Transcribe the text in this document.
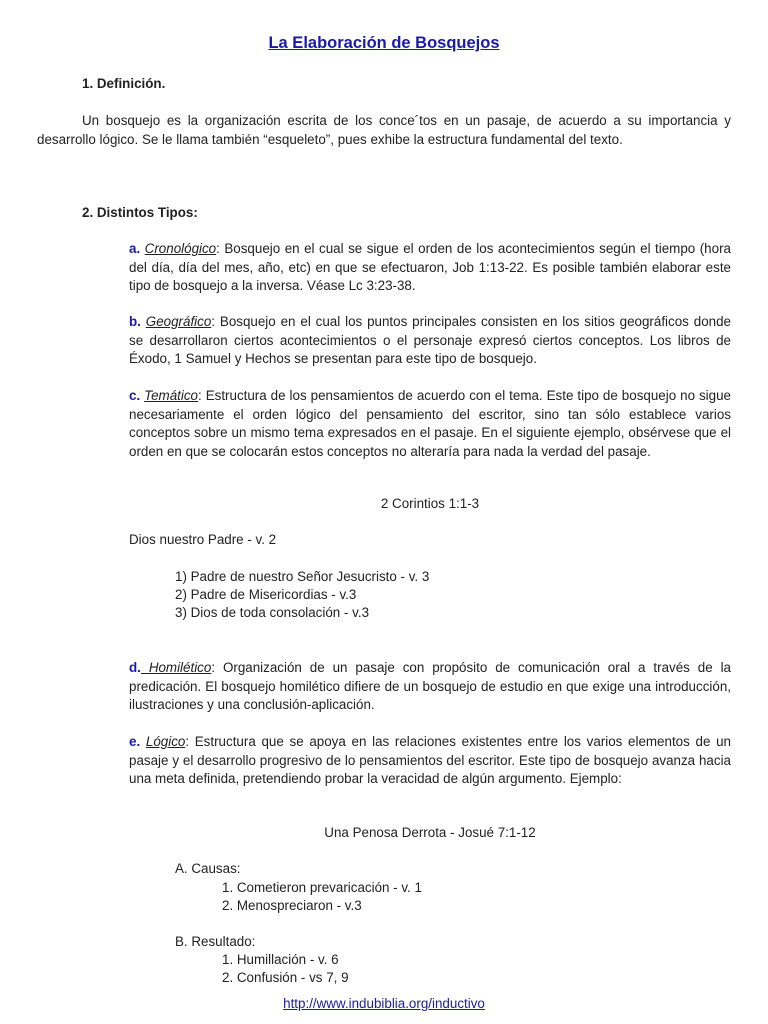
La Elaboración de Bosquejos
1. Definición.
Un bosquejo es la organización escrita de los conce´tos en un pasaje, de acuerdo a su importancia y desarrollo lógico. Se le llama también “esqueleto”, pues exhibe la estructura fundamental del texto.
2. Distintos Tipos:
a. Cronológico: Bosquejo en el cual se sigue el orden de los acontecimientos según el tiempo (hora del día, día del mes, año, etc) en que se efectuaron, Job 1:13-22. Es posible también elaborar este tipo de bosquejo a la inversa. Véase Lc 3:23-38.
b. Geográfico: Bosquejo en el cual los puntos principales consisten en los sitios geográficos donde se desarrollaron ciertos acontecimientos o el personaje expresó ciertos conceptos. Los libros de Éxodo, 1 Samuel y Hechos se presentan para este tipo de bosquejo.
c. Temático: Estructura de los pensamientos de acuerdo con el tema. Este tipo de bosquejo no sigue necesariamente el orden lógico del pensamiento del escritor, sino tan sólo establece varios conceptos sobre un mismo tema expresados en el pasaje. En el siguiente ejemplo, obsérvese que el orden en que se colocarán estos conceptos no alteraría para nada la verdad del pasaje.
2 Corintios 1:1-3
Dios nuestro Padre - v. 2
1) Padre de nuestro Señor Jesucristo - v. 3
2) Padre de Misericordias - v.3
3) Dios de toda consolación - v.3
d. Homilético: Organización de un pasaje con propósito de comunicación oral a través de la predicación. El bosquejo homilético difiere de un bosquejo de estudio en que exige una introducción, ilustraciones y una conclusión-aplicación.
e. Lógico: Estructura que se apoya en las relaciones existentes entre los varios elementos de un pasaje y el desarrollo progresivo de lo pensamientos del escritor. Este tipo de bosquejo avanza hacia una meta definida, pretendiendo probar la veracidad de algún argumento. Ejemplo:
Una Penosa Derrota - Josué 7:1-12
A. Causas:
1. Cometieron prevaricación - v. 1
2. Menospreciaron - v.3
B. Resultado:
1. Humillación - v. 6
2. Confusión - vs 7, 9
http://www.indubiblia.org/inductivo
